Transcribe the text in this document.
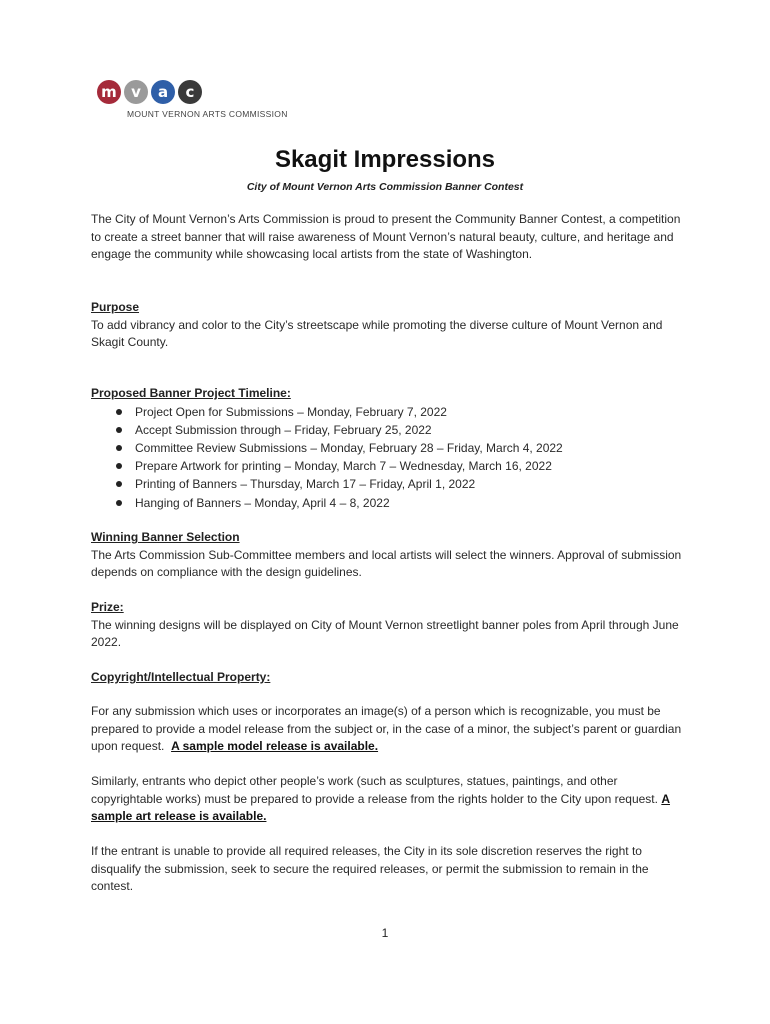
m v	a	c
MOUNT VERNON ARTS COMMISSION
Skagit Impressions
City of Mount Vernon Arts Commission Banner Contest
The City of Mount Vernon’s Arts Commission is proud to present the Community Banner Contest, a competition to create a street banner that will raise awareness of Mount Vernon’s natural beauty, culture, and heritage and engage the community while showcasing local artists from the state of Washington.
Purpose
To add vibrancy and color to the City’s streetscape while promoting the diverse culture of Mount Vernon and Skagit County.
Proposed Banner Project Timeline:
Project Open for Submissions – Monday, February 7, 2022
Accept Submission through – Friday, February 25, 2022
Committee Review Submissions – Monday, February 28 – Friday, March 4, 2022
Prepare Artwork for printing – Monday, March 7 – Wednesday, March 16, 2022
Printing of Banners – Thursday, March 17 – Friday, April 1, 2022
Hanging of Banners – Monday, April 4 – 8, 2022
Winning Banner Selection
The Arts Commission Sub-Committee members and local artists will select the winners. Approval of submission depends on compliance with the design guidelines.
Prize:
The winning designs will be displayed on City of Mount Vernon streetlight banner poles from April through June 2022.
Copyright/Intellectual Property:
For any submission which uses or incorporates an image(s) of a person which is recognizable, you must be prepared to provide a model release from the subject or, in the case of a minor, the subject’s parent or guardian upon request. A sample model release is available.
Similarly, entrants who depict other people’s work (such as sculptures, statues, paintings, and other copyrightable works) must be prepared to provide a release from the rights holder to the City upon request. A sample art release is available.
If the entrant is unable to provide all required releases, the City in its sole discretion reserves the right to disqualify the submission, seek to secure the required releases, or permit the submission to remain in the contest.
1
